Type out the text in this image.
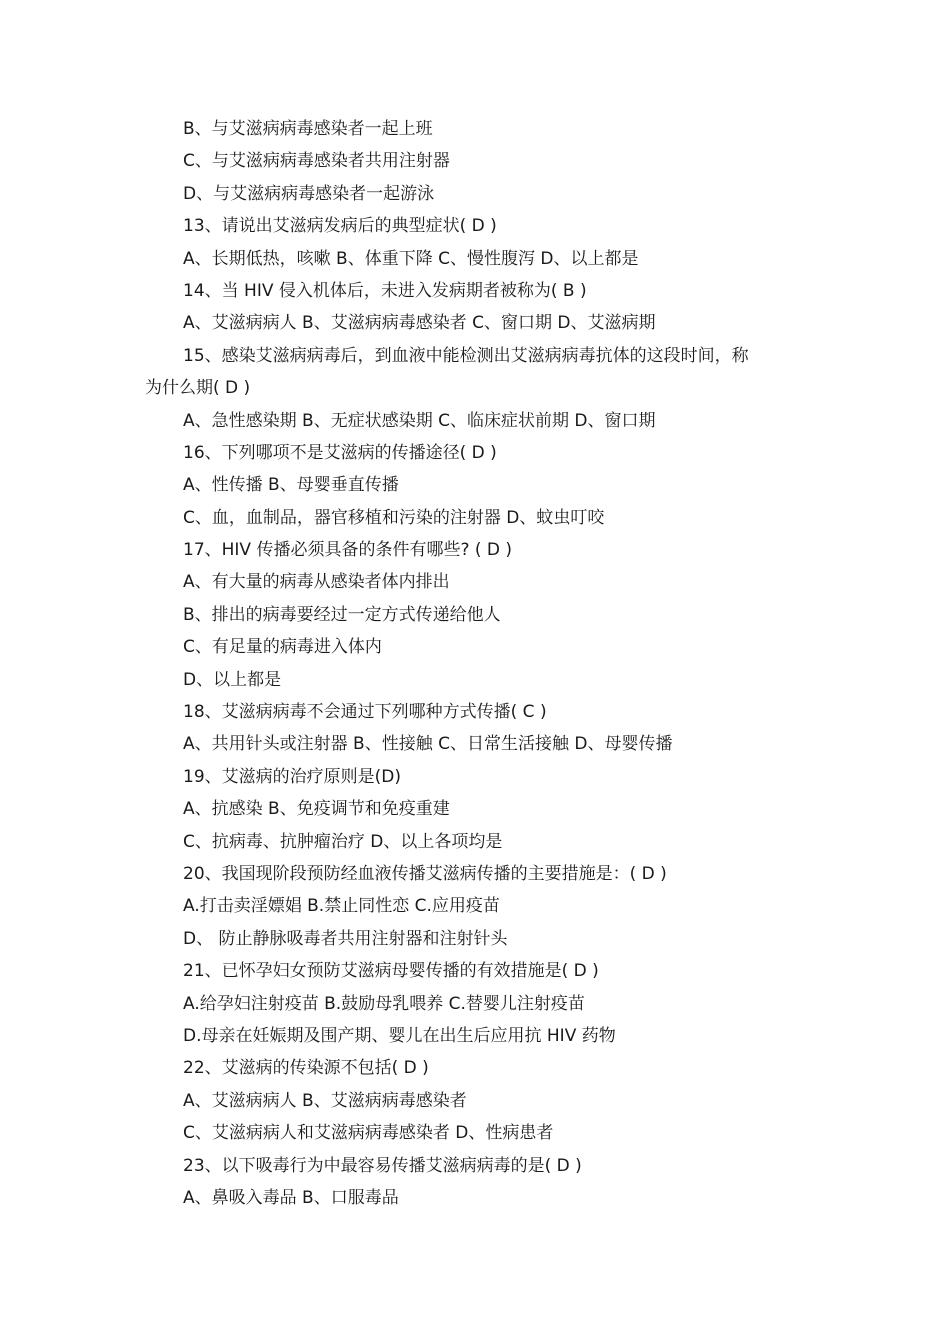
B、与艾滋病病毒感染者一起上班
C、与艾滋病病毒感染者共用注射器
D、与艾滋病病毒感染者一起游泳
13、请说出艾滋病发病后的典型症状( D )
A、长期低热，咳嗽 B、体重下降 C、慢性腹泻 D、以上都是
14、当 HIV 侵入机体后，未进入发病期者被称为( B )
A、艾滋病病人 B、艾滋病病毒感染者 C、窗口期 D、艾滋病期
15、感染艾滋病病毒后，到血液中能检测出艾滋病病毒抗体的这段时间，称
为什么期( D )
A、急性感染期 B、无症状感染期 C、临床症状前期 D、窗口期
16、下列哪项不是艾滋病的传播途径( D )
A、性传播 B、母婴垂直传播
C、血，血制品，器官移植和污染的注射器 D、蚊虫叮咬
17、HIV 传播必须具备的条件有哪些? ( D )
A、有大量的病毒从感染者体内排出
B、排出的病毒要经过一定方式传递给他人
C、有足量的病毒进入体内
D、以上都是
18、艾滋病病毒不会通过下列哪种方式传播( C )
A、共用针头或注射器 B、性接触 C、日常生活接触 D、母婴传播
19、艾滋病的治疗原则是(D)
A、抗感染 B、免疫调节和免疫重建
C、抗病毒、抗肿瘤治疗 D、以上各项均是
20、我国现阶段预防经血液传播艾滋病传播的主要措施是：( D )
A.打击卖淫嫖娼 B.禁止同性恋 C.应用疫苗
D、 防止静脉吸毒者共用注射器和注射针头
21、已怀孕妇女预防艾滋病母婴传播的有效措施是( D )
A.给孕妇注射疫苗 B.鼓励母乳喂养 C.替婴儿注射疫苗
D.母亲在妊娠期及围产期、婴儿在出生后应用抗 HIV 药物
22、艾滋病的传染源不包括( D )
A、艾滋病病人 B、艾滋病病毒感染者
C、艾滋病病人和艾滋病病毒感染者 D、性病患者
23、以下吸毒行为中最容易传播艾滋病病毒的是( D )
A、鼻吸入毒品 B、口服毒品
